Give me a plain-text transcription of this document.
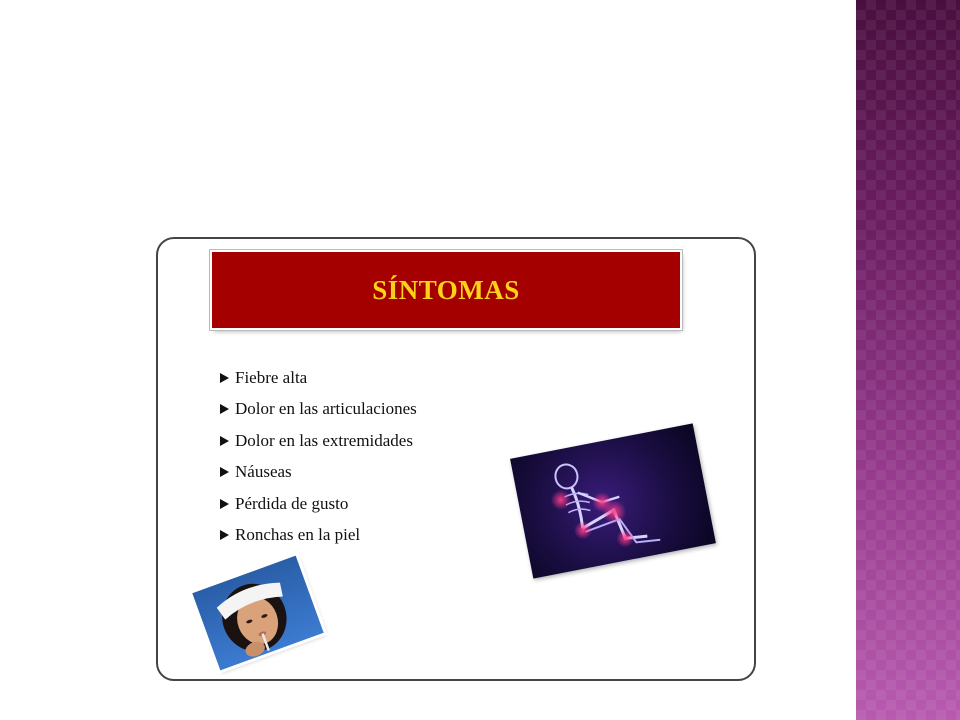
SÍNTOMAS
Fiebre alta
Dolor en las articulaciones
Dolor en las extremidades
Náuseas
Pérdida de gusto
Ronchas en la piel
